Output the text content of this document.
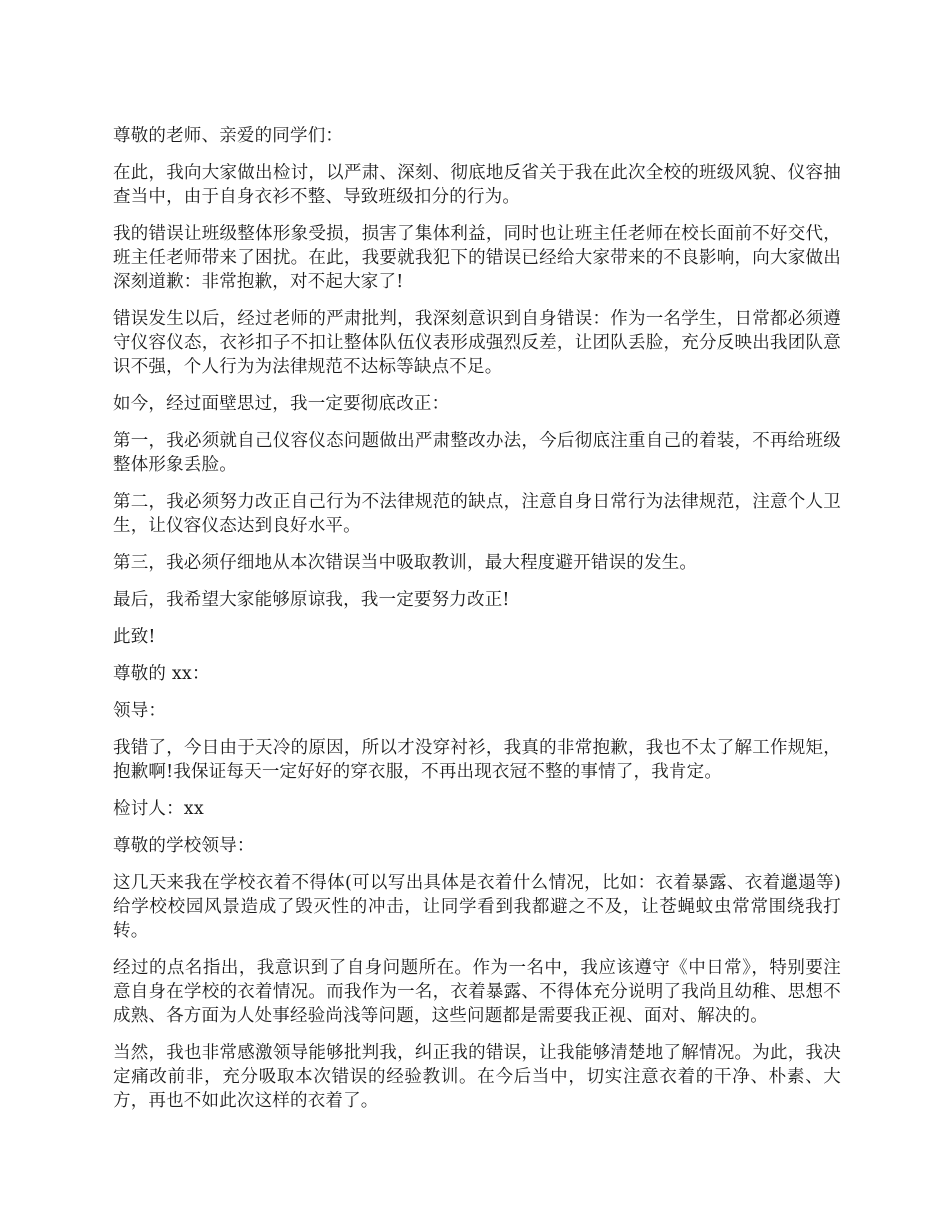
尊敬的老师、亲爱的同学们：

在此，我向大家做出检讨，以严肃、深刻、彻底地反省关于我在此次全校的班级风貌、仪容抽查当中，由于自身衣衫不整、导致班级扣分的行为。

我的错误让班级整体形象受损，损害了集体利益，同时也让班主任老师在校长面前不好交代，班主任老师带来了困扰。在此，我要就我犯下的错误已经给大家带来的不良影响，向大家做出深刻道歉：非常抱歉，对不起大家了!

错误发生以后，经过老师的严肃批判，我深刻意识到自身错误：作为一名学生，日常都必须遵守仪容仪态，衣衫扣子不扣让整体队伍仪表形成强烈反差，让团队丢脸，充分反映出我团队意识不强，个人行为为法律规范不达标等缺点不足。

如今，经过面壁思过，我一定要彻底改正：

第一，我必须就自己仪容仪态问题做出严肃整改办法，今后彻底注重自己的着装，不再给班级整体形象丢脸。

第二，我必须努力改正自己行为不法律规范的缺点，注意自身日常行为法律规范，注意个人卫生，让仪容仪态达到良好水平。

第三，我必须仔细地从本次错误当中吸取教训，最大程度避开错误的发生。

最后，我希望大家能够原谅我，我一定要努力改正!

此致!

尊敬的 xx：

领导：

我错了，今日由于天冷的原因，所以才没穿衬衫，我真的非常抱歉，我也不太了解工作规矩，抱歉啊!我保证每天一定好好的穿衣服，不再出现衣冠不整的事情了，我肯定。

检讨人：xx

尊敬的学校领导：

这几天来我在学校衣着不得体(可以写出具体是衣着什么情况，比如：衣着暴露、衣着邋遢等)给学校校园风景造成了毁灭性的冲击，让同学看到我都避之不及，让苍蝇蚊虫常常围绕我打转。

经过的点名指出，我意识到了自身问题所在。作为一名中，我应该遵守《中日常》，特别要注意自身在学校的衣着情况。而我作为一名，衣着暴露、不得体充分说明了我尚且幼稚、思想不成熟、各方面为人处事经验尚浅等问题，这些问题都是需要我正视、面对、解决的。

当然，我也非常感激领导能够批判我，纠正我的错误，让我能够清楚地了解情况。为此，我决定痛改前非，充分吸取本次错误的经验教训。在今后当中，切实注意衣着的干净、朴素、大方，再也不如此次这样的衣着了。
